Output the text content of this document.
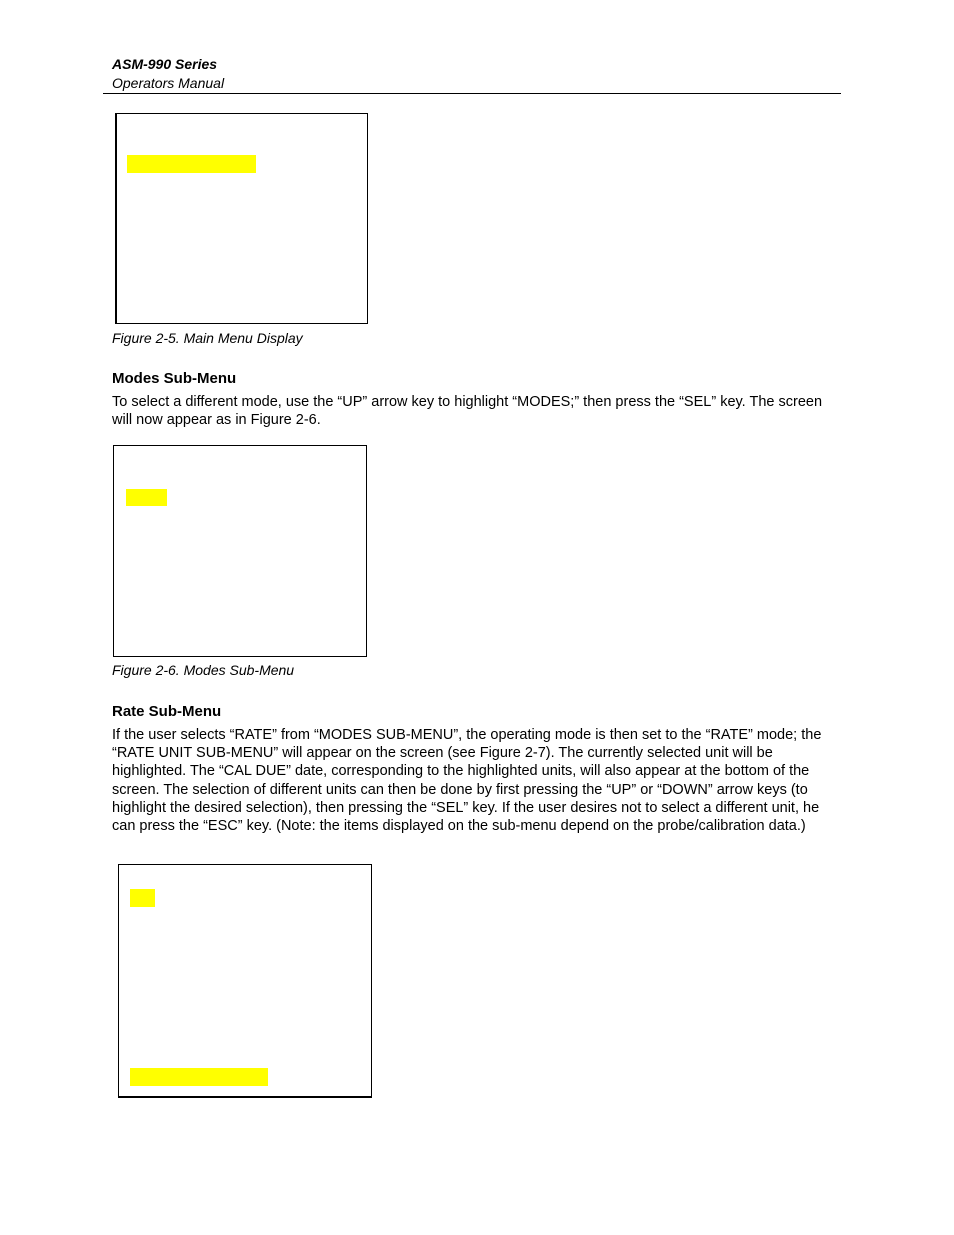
ASM-990 Series
Operators Manual
Figure 2-5. Main Menu Display
Modes Sub-Menu
To select a different mode, use the “UP” arrow key to highlight “MODES;” then press the “SEL” key. The screen will now appear as in Figure 2-6.
Figure 2-6. Modes Sub-Menu
Rate Sub-Menu
If the user selects “RATE” from “MODES SUB-MENU”, the operating mode is then set to the “RATE” mode; the “RATE UNIT SUB-MENU” will appear on the screen (see Figure 2-7). The currently selected unit will be highlighted. The “CAL DUE” date, corresponding to the highlighted units, will also appear at the bottom of the screen. The selection of different units can then be done by first pressing the “UP” or “DOWN” arrow keys (to highlight the desired selection), then pressing the “SEL” key. If the user desires not to select a different unit, he can press the “ESC” key. (Note: the items displayed on the sub-menu depend on the probe/calibration data.)
